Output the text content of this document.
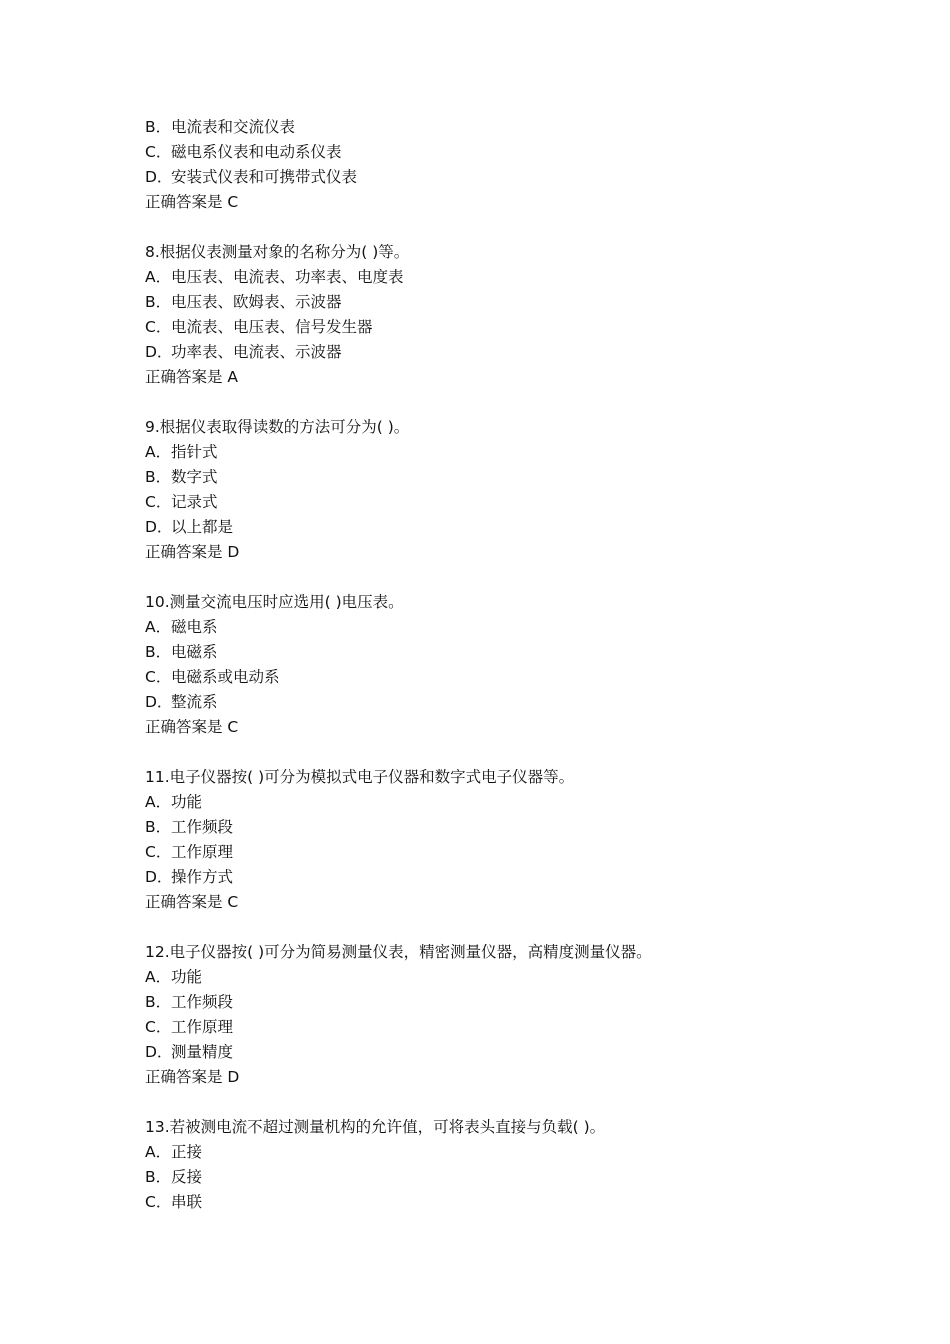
B．电流表和交流仪表
C．磁电系仪表和电动系仪表
D．安装式仪表和可携带式仪表
正确答案是 C
8.根据仪表测量对象的名称分为( )等。
A．电压表、电流表、功率表、电度表
B．电压表、欧姆表、示波器
C．电流表、电压表、信号发生器
D．功率表、电流表、示波器
正确答案是 A
9.根据仪表取得读数的方法可分为( )。
A．指针式
B．数字式
C．记录式
D．以上都是
正确答案是 D
10.测量交流电压时应选用( )电压表。
A．磁电系
B．电磁系
C．电磁系或电动系
D．整流系
正确答案是 C
11.电子仪器按( )可分为模拟式电子仪器和数字式电子仪器等。
A．功能
B．工作频段
C．工作原理
D．操作方式
正确答案是 C
12.电子仪器按( )可分为简易测量仪表，精密测量仪器，高精度测量仪器。
A．功能
B．工作频段
C．工作原理
D．测量精度
正确答案是 D
13.若被测电流不超过测量机构的允许值，可将表头直接与负载( )。
A．正接
B．反接
C．串联
